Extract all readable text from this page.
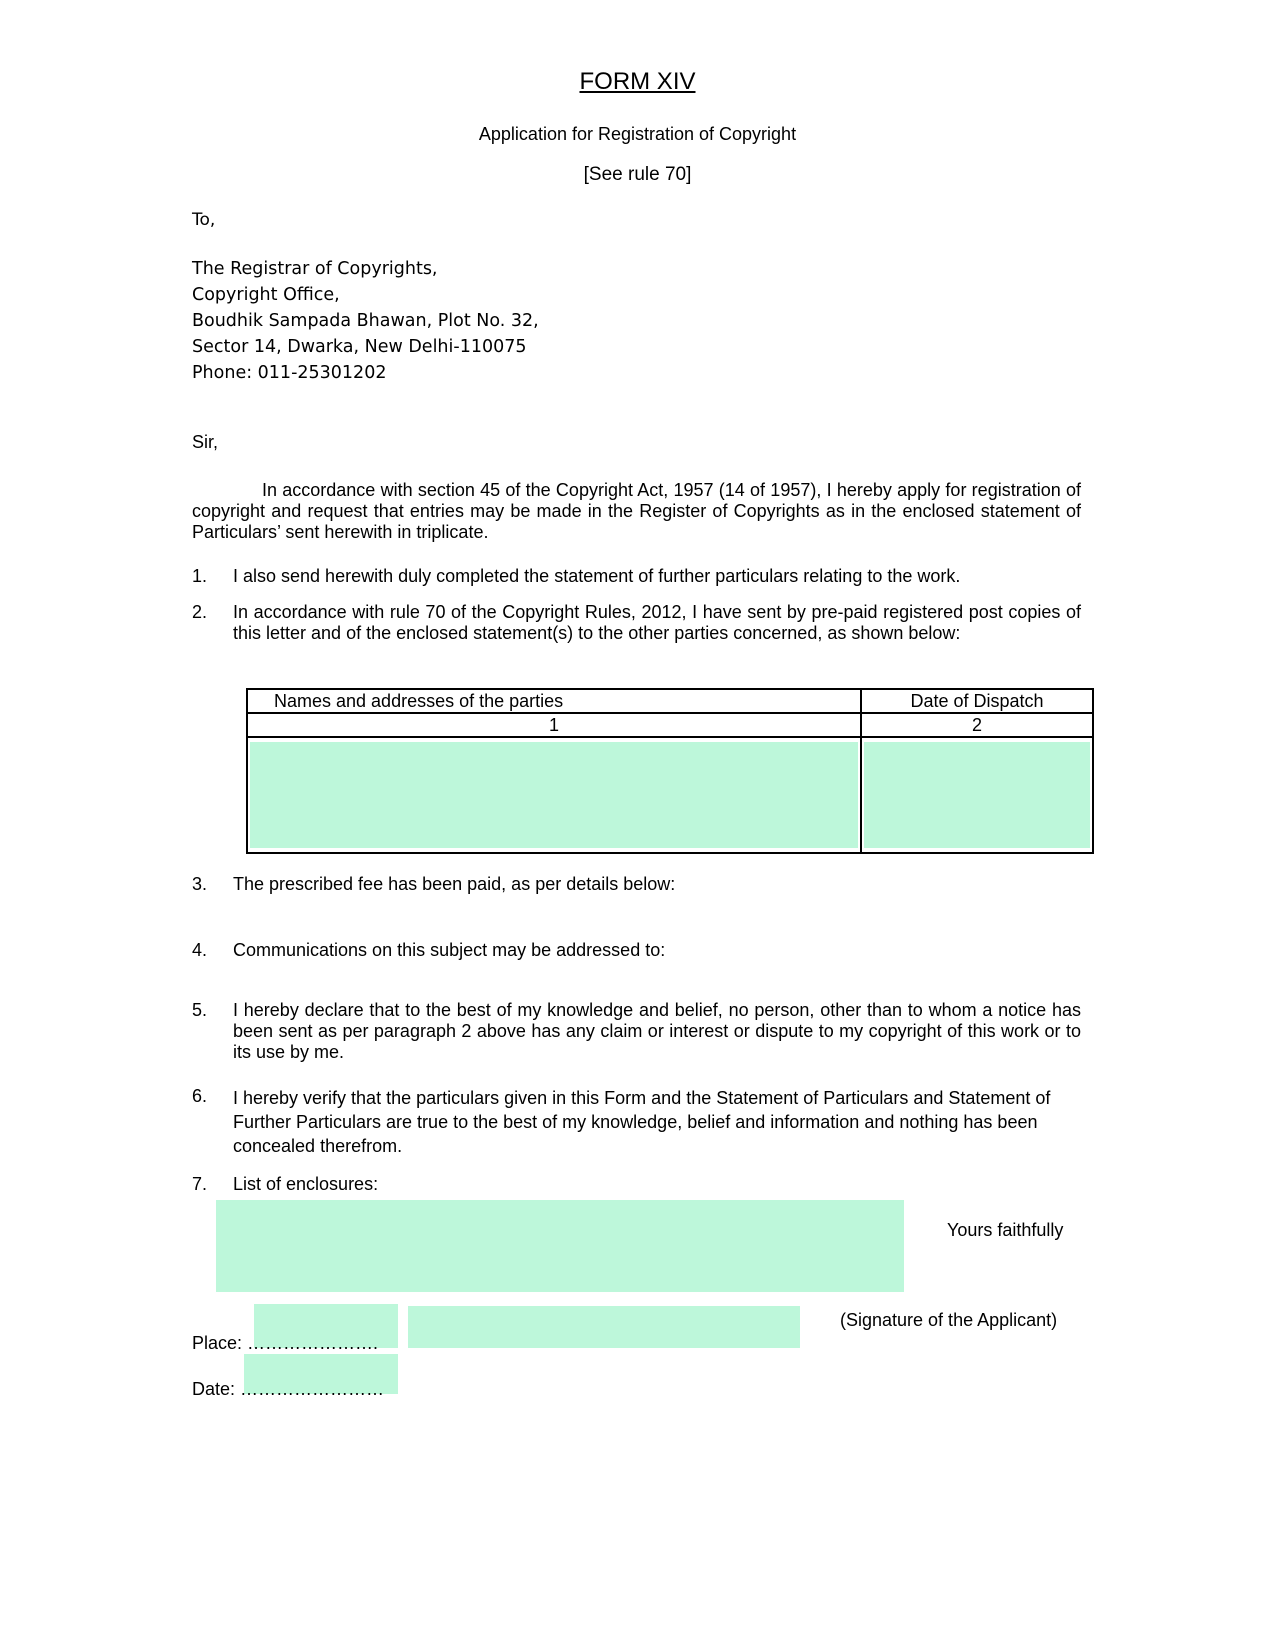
FORM XIV
Application for Registration of Copyright
[See rule 70]
To,
The Registrar of Copyrights,
Copyright Office,
Boudhik Sampada Bhawan, Plot No. 32,
Sector 14, Dwarka, New Delhi-110075
Phone: 011-25301202
Sir,
In accordance with section 45 of the Copyright Act, 1957 (14 of 1957), I hereby apply for registration of copyright and request that entries may be made in the Register of Copyrights as in the enclosed statement of Particulars’ sent herewith in triplicate.
1.	I also send herewith duly completed the statement of further particulars relating to the work.
2.	In accordance with rule 70 of the Copyright Rules, 2012, I have sent by pre-paid registered post copies of this letter and of the enclosed statement(s) to the other parties concerned, as shown below:
Names and addresses of the parties	Date of Dispatch
1	2

3.	The prescribed fee has been paid, as per details below:
4.	Communications on this subject may be addressed to:
5.	I hereby declare that to the best of my knowledge and belief, no person, other than to whom a notice has been sent as per paragraph 2 above has any claim or interest or dispute to my copyright of this work or to its use by me.
6.	I hereby verify that the particulars given in this Form and the Statement of Particulars and Statement of Further Particulars are true to the best of my knowledge, belief and information and nothing has been concealed therefrom.
7.	List of enclosures:
Yours faithfully
(Signature of the Applicant)
Place: ………………….
Date: ……………………
